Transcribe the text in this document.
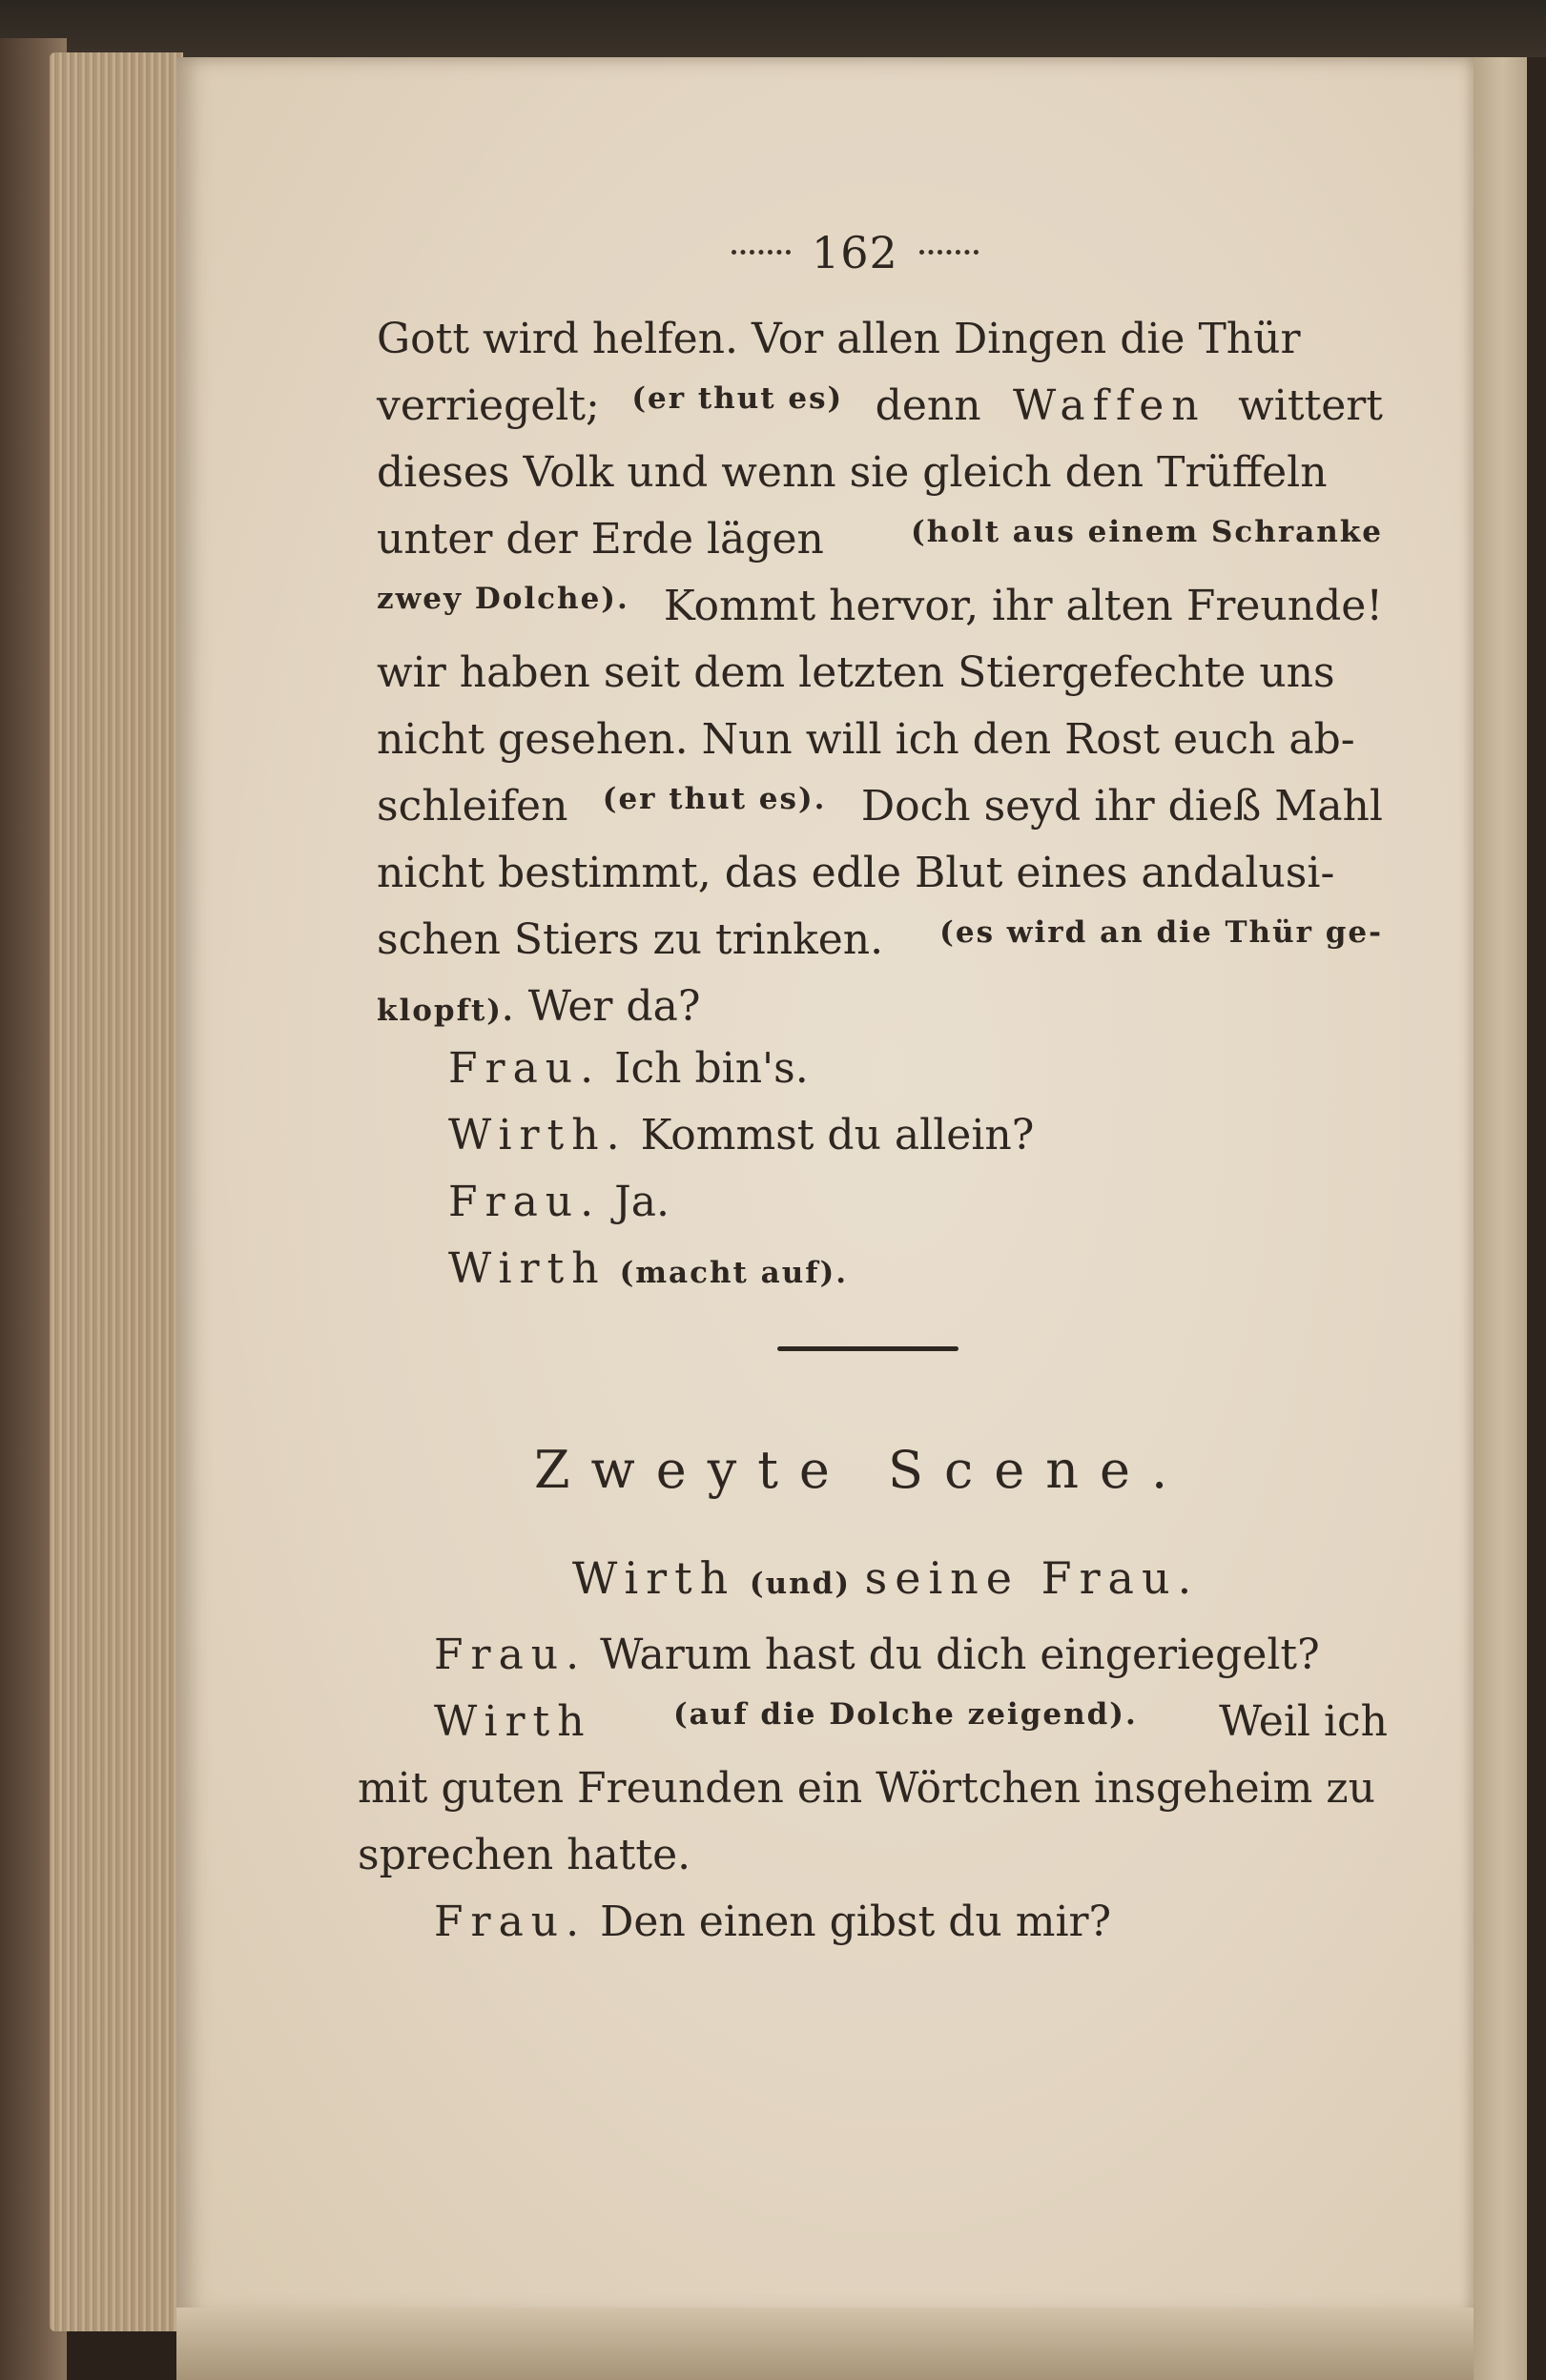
162
Gott wird helfen. Vor allen Dingen die Thür
verriegelt; (er thut es) denn Waffen wittert
dieses Volk und wenn sie gleich den Trüffeln
unter der Erde lägen	(holt aus einem Schranke
zwey Dolche). Kommt hervor, ihr alten Freunde!
wir haben seit dem letzten Stiergefechte uns
nicht gesehen. Nun will ich den Rost euch ab-
schleifen (er thut es). Doch seyd ihr dieß Mahl
nicht bestimmt, das edle Blut eines andalusi-
schen Stiers zu trinken. (es wird an die Thür ge-
klopft). Wer da?
Frau. Ich bin's.
Wirth. Kommst du allein?
Frau. Ja.
Wirth (macht auf).
Zweyte Scene.
Wirth (und) seine Frau.
Frau. Warum hast du dich eingeriegelt?
Wirth	(auf die Dolche zeigend). Weil ich
mit guten Freunden ein Wörtchen insgeheim zu
sprechen hatte.
Frau. Den einen gibst du mir?
